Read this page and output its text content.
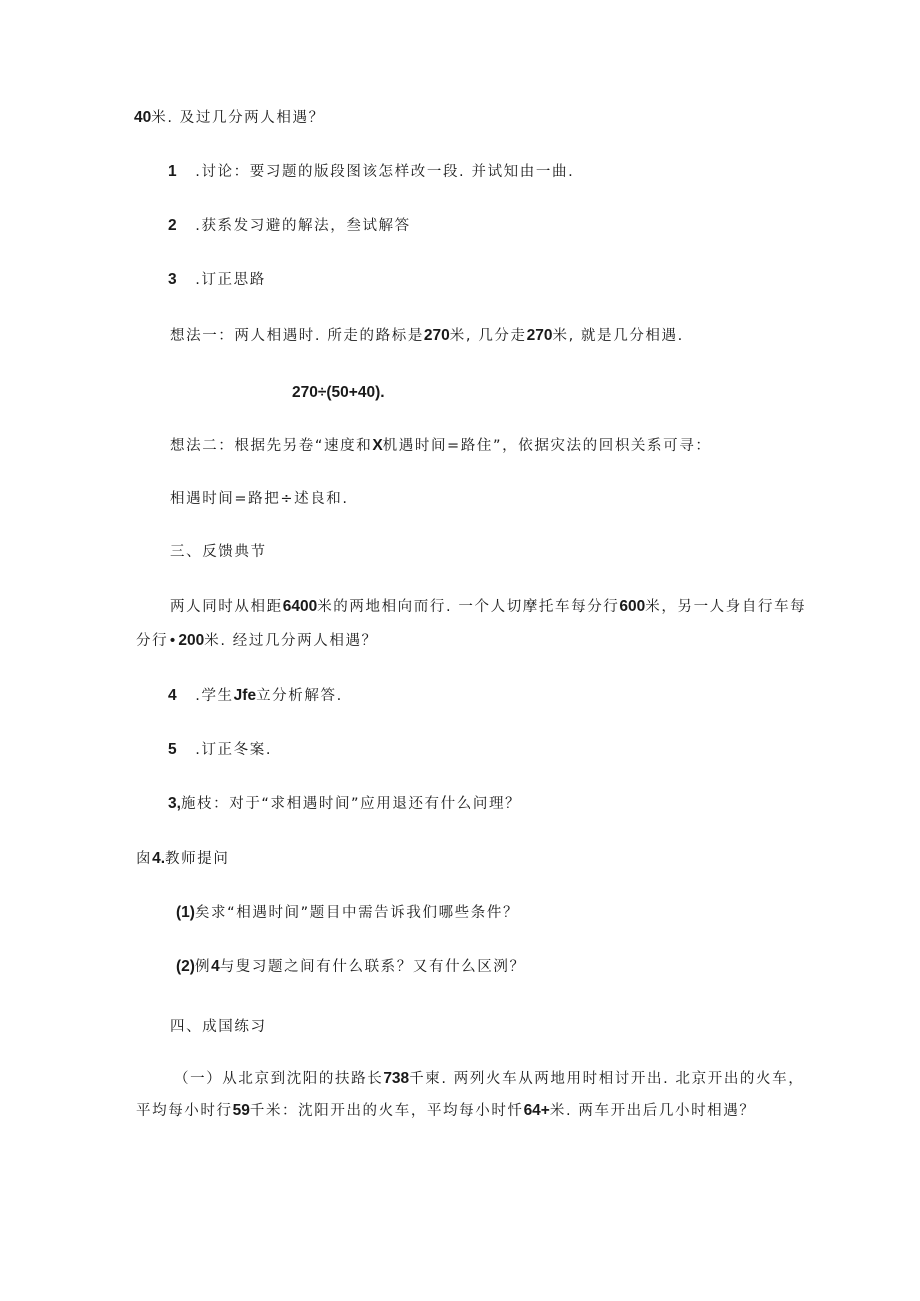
40米. 及过几分两人相遇？
1   .讨论：要习题的版段图该怎样改一段. 并试知由一曲.
2   .获系发习避的解法，叁试解答
3   .订正思路
想法一：两人相遇时. 所走的路标是270米, 几分走270米, 就是几分相遇.
270÷(50+40).
想法二：根据先另卷“速度和X机遇时间=路住”，依据灾法的回枳关系可寻：
相遇时间=路把÷述良和.
三、反馈典节
两人同时从相距6400米的两地相向而行. 一个人切摩托车每分行600米，另一人身自行车每
分行•200米. 经过几分两人相遇？
4   .学生Jfe立分析解答.
5   .订正冬案.
3,施枝：对于“求相遇时间”应用退还有什么问理？
囱4.教师提问
(1)矣求“相遇时间”题目中需告诉我们哪些条件？
(2)例4与叟习题之间有什么联系？又有什么区洌？
四、成国练习
（一）从北京到沈阳的扶路长738千柬. 两列火车从两地用时相讨开出. 北京开出的火车，
平均每小时行59千米：沈阳开出的火车，平均每小时忏64+米. 两车开出后几小时相遇？
